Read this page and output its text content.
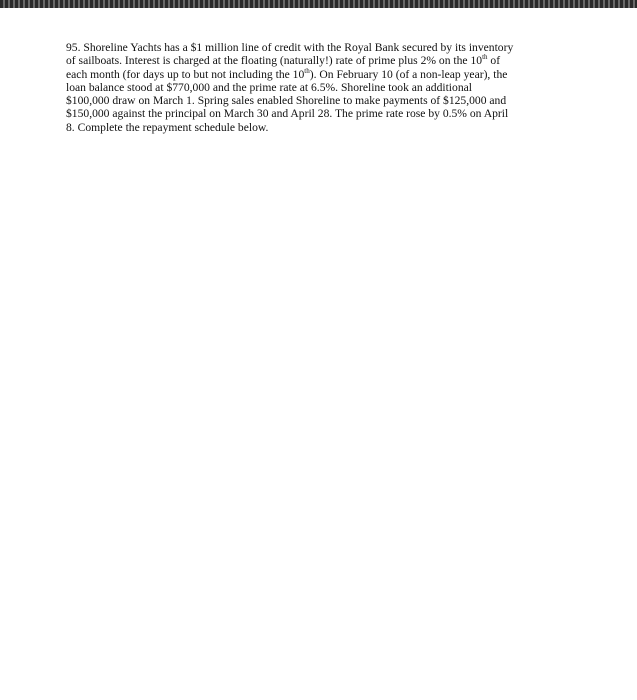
95. Shoreline Yachts has a $1 million line of credit with the Royal Bank secured by its inventory
of sailboats. Interest is charged at the floating (naturally!) rate of prime plus 2% on the 10th of
each month (for days up to but not including the 10th). On February 10 (of a non-leap year), the
loan balance stood at $770,000 and the prime rate at 6.5%. Shoreline took an additional
$100,000 draw on March 1. Spring sales enabled Shoreline to make payments of $125,000 and
$150,000 against the principal on March 30 and April 28. The prime rate rose by 0.5% on April
8. Complete the repayment schedule below.
